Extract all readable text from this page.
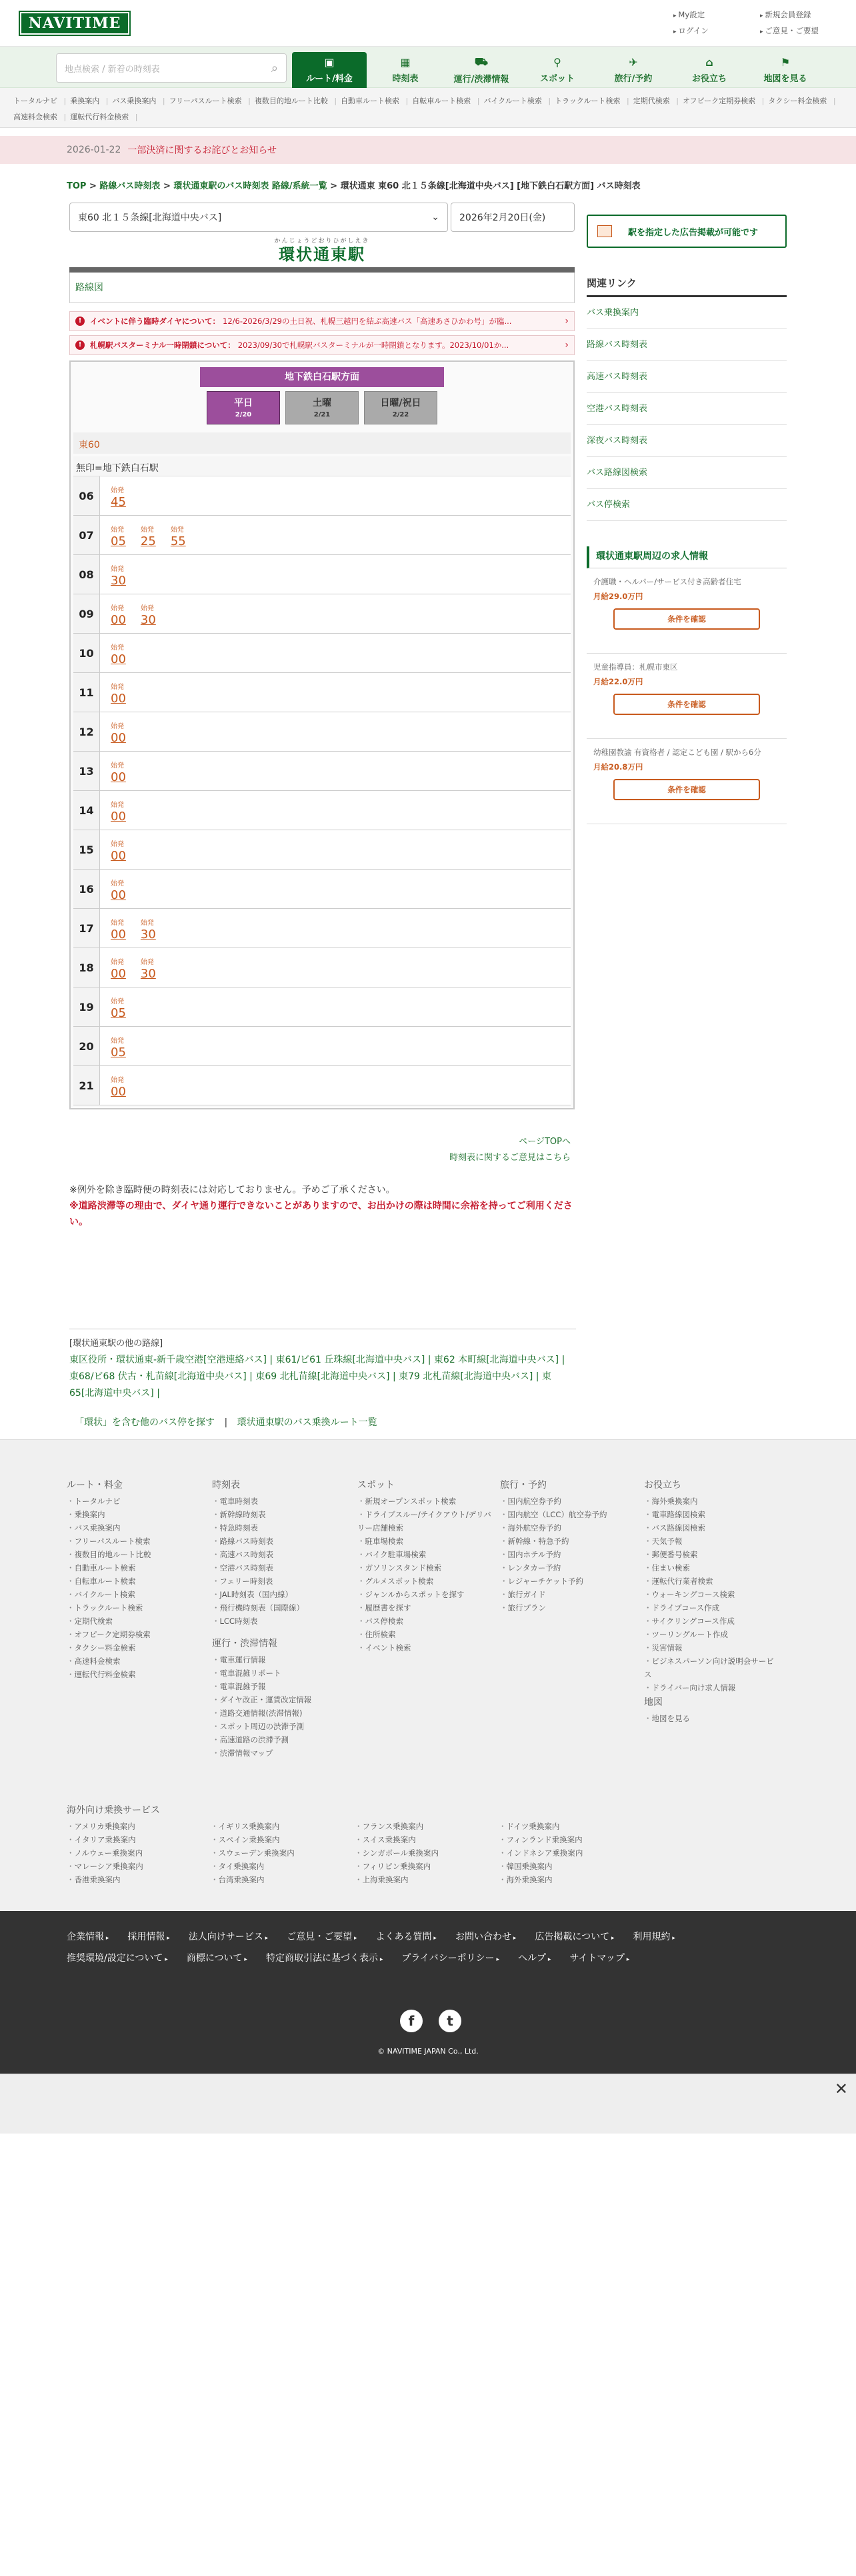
NAVITIME	▸ My設定	▸ 新規会員登録
▸ ログイン	▸ ご意見・ご要望
地点検索 / 新着の時刻表	⌕	▣
ルート/料金
▦
時刻表
⛟
運行/渋滞情報
⚲
スポット
✈
旅行/予約
⌂
お役立ち
⚑
地図を見る
トータルナビ | 乗換案内 | バス乗換案内 | フリーパスルート検索 | 複数目的地ルート比較 | 自動車ルート検索 | 自転車ルート検索 | バイクルート検索 | トラックルート検索 | 定期代検索 | オフピーク定期券検索 | タクシー料金検索 |高速料金検索 | 運転代行料金検索 |
2026-01-22 一部決済に関するお詫びとお知らせ
TOP > 路線バス時刻表 > 環状通東駅のバス時刻表 路線/系統一覧 > 環状通東 東60 北１５条線[北海道中央バス] [地下鉄白石駅方面] バス時刻表
東60 北１５条線[北海道中央バス]	⌄ 2026年2月20日(金)
かんじょうどおりひがしえき
環状通東駅
路線図
!	イベントに伴う臨時ダイヤについて： 12/6-2026/3/29の土日祝、札幌三越円を結ぶ高速バス「高速あさひかわ号」が臨...	›
!	札幌駅バスターミナル一時閉鎖について： 2023/09/30で札幌駅バスターミナルが一時閉鎖となります。2023/10/01か...	›
地下鉄白石駅方面
平日
2/20
土曜
2/21
日曜/祝日
2/22
東60
無印=地下鉄白石駅
06	始発
45
07	始発
05
始発
25
始発
55
08	始発
30
09	始発
00
始発
30
10	始発
00
11	始発
00
12	始発
00
13	始発
00
14	始発
00
15	始発
00
16	始発
00
17	始発
00
始発
30
18	始発
00
始発
30
19	始発
05
20	始発
05
21	始発
00
駅を指定した広告掲載が可能です
関連リンク
バス乗換案内
路線バス時刻表
高速バス時刻表
空港バス時刻表
深夜バス時刻表
バス路線図検索
バス停検索
環状通東駅周辺の求人情報
介護職・ヘルパー/サービス付き高齢者住宅
月給29.0万円
条件を確認
児童指導員：札幌市東区
月給22.0万円
条件を確認
幼稚園教諭 有資格者 / 認定こども園 / 駅から6分
月給20.8万円
条件を確認
ページTOPへ
時刻表に関するご意見はこちら
※例外を除き臨時便の時刻表には対応しておりません。予めご了承ください。
※道路渋滞等の理由で、ダイヤ通り運行できないことがありますので、お出かけの際は時間に余裕を持ってご利用ください。
[環状通東駅の他の路線]
東区役所・環状通東-新千歳空港[空港連絡バス] | 東61/ビ61 丘珠線[北海道中央バス] | 東62 本町線[北海道中央バス] | 東68/ビ68 伏古・札苗線[北海道中央バス] | 東69 北札苗線[北海道中央バス] | 東79 北札苗線[北海道中央バス] | 東65[北海道中央バス] |
「環状」を含む他のバス停を探す | 環状通東駅のバス乗換ルート一覧
ルート・料金
・ トータルナビ
・ 乗換案内
・ バス乗換案内
・ フリーパスルート検索
・ 複数目的地ルート比較
・ 自動車ルート検索
・ 自転車ルート検索
・ バイクルート検索
・ トラックルート検索
・ 定期代検索
・ オフピーク定期券検索
・ タクシー料金検索
・ 高速料金検索
・ 運転代行料金検索
時刻表
・ 電車時刻表
・ 新幹線時刻表
・ 特急時刻表
・ 路線バス時刻表
・ 高速バス時刻表
・ 空港バス時刻表
・ フェリー時刻表
・ JAL時刻表（国内線）
・ 飛行機時刻表（国際線）
・ LCC時刻表
運行・渋滞情報
・ 電車運行情報
・ 電車混雑リポート
・ 電車混雑予報
・ ダイヤ改正・運賃改定情報
・ 道路交通情報(渋滞情報)
・ スポット周辺の渋滞予測
・ 高速道路の渋滞予測
・ 渋滞情報マップ
スポット
・ 新規オープンスポット検索
・ ドライブスルー/テイクアウト/デリバリー店舗検索
・ 駐車場検索
・ バイク駐車場検索
・ ガソリンスタンド検索
・ グルメスポット検索
・ ジャンルからスポットを探す
・ 履歴書を探す
・ バス停検索
・ 住所検索
・ イベント検索
旅行・予約
・ 国内航空券予約
・ 国内航空（LCC）航空券予約
・ 海外航空券予約
・ 新幹線・特急予約
・ 国内ホテル予約
・ レンタカー予約
・ レジャーチケット予約
・ 旅行ガイド
・ 旅行プラン
お役立ち
・ 海外乗換案内
・ 電車路線図検索
・ バス路線図検索
・ 天気予報
・ 郵便番号検索
・ 住まい検索
・ 運転代行業者検索
・ ウォーキングコース検索
・ ドライブコース作成
・ サイクリングコース作成
・ ツーリングルート作成
・ 災害情報
・ ビジネスパーソン向け説明会サービス
・ ドライバー向け求人情報
地図
・ 地図を見る
海外向け乗換サービス
・ アメリカ乗換案内	・ イギリス乗換案内	・ フランス乗換案内	・ ドイツ乗換案内
・ イタリア乗換案内	・ スペイン乗換案内	・ スイス乗換案内	・ フィンランド乗換案内
・ ノルウェー乗換案内	・ スウェーデン乗換案内	・ シンガポール乗換案内	・ インドネシア乗換案内
・ マレーシア乗換案内	・ タイ乗換案内	・ フィリピン乗換案内	・ 韓国乗換案内
・ 香港乗換案内	・ 台湾乗換案内	・ 上海乗換案内	・ 海外乗換案内
企業情報 ▸	採用情報 ▸	法人向けサービス ▸	ご意見・ご要望 ▸	よくある質問 ▸	お問い合わせ ▸	広告掲載について ▸	利用規約 ▸推奨環境/設定について ▸	商標について ▸	特定商取引法に基づく表示 ▸	プライバシーポリシー ▸	ヘルプ ▸	サイトマップ ▸
f	t
© NAVITIME JAPAN Co., Ltd.
✕
